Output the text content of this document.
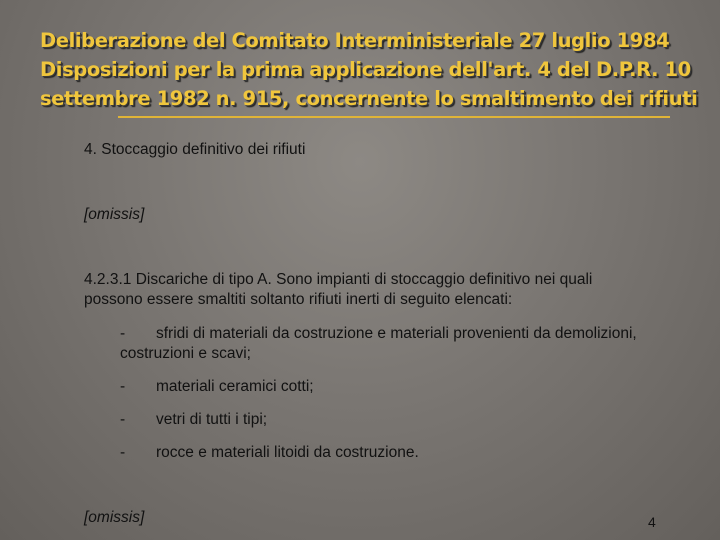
Deliberazione del Comitato Interministeriale 27 luglio 1984
Disposizioni per la prima applicazione dell'art. 4 del D.P.R. 10
settembre 1982 n. 915, concernente lo smaltimento dei rifiuti
4. Stoccaggio definitivo dei rifiuti
[omissis]
4.2.3.1 Discariche di tipo A. Sono impianti di stoccaggio definitivo nei quali possono essere smaltiti soltanto rifiuti inerti di seguito elencati:
- sfridi di materiali da costruzione e materiali provenienti da demolizioni, costruzioni e scavi;
- materiali ceramici cotti;
- vetri di tutti i tipi;
- rocce e materiali litoidi da costruzione.
[omissis]	4
